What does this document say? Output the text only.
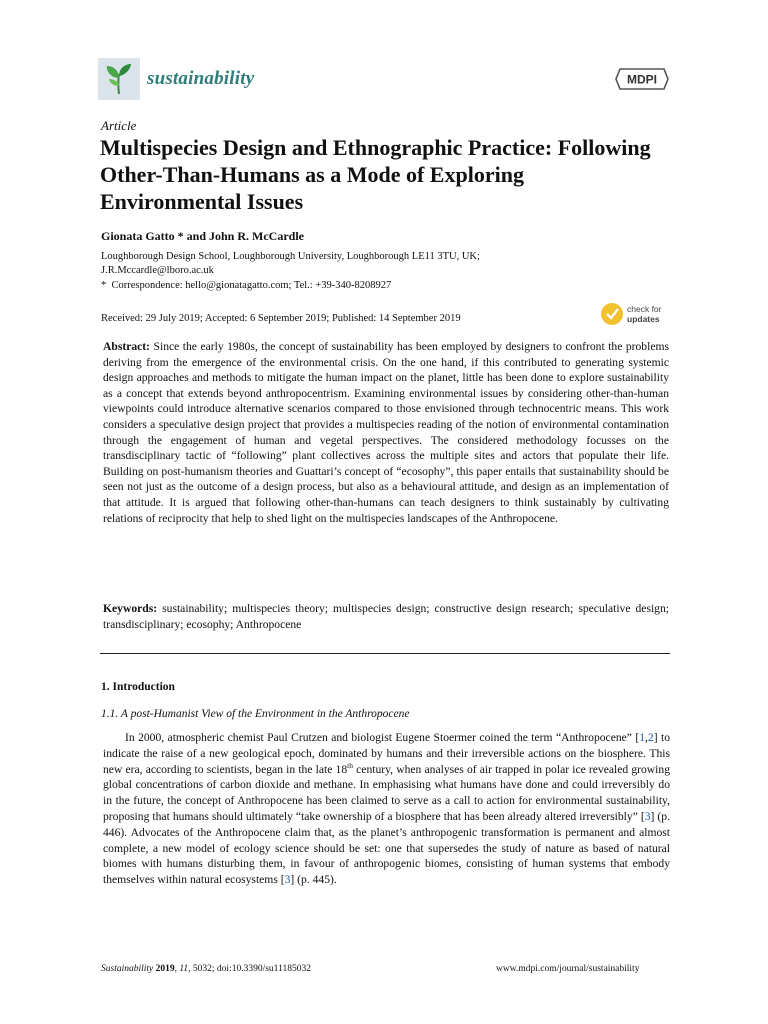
sustainability	MDPI
Article
Multispecies Design and Ethnographic Practice: Following Other-Than-Humans as a Mode of Exploring Environmental Issues
Gionata Gatto * and John R. McCardle
Loughborough Design School, Loughborough University, Loughborough LE11 3TU, UK;
J.R.Mccardle@lboro.ac.uk
* Correspondence: hello@gionatagatto.com; Tel.: +39-340-8208927
Received: 29 July 2019; Accepted: 6 September 2019; Published: 14 September 2019
check for
updates
Abstract: Since the early 1980s, the concept of sustainability has been employed by designers to confront the problems deriving from the emergence of the environmental crisis. On the one hand, if this contributed to generating systemic design approaches and methods to mitigate the human impact on the planet, little has been done to explore sustainability as a concept that extends beyond anthropocentrism. Examining environmental issues by considering other-than-human viewpoints could introduce alternative scenarios compared to those envisioned through technocentric means. This work considers a speculative design project that provides a multispecies reading of the notion of environmental contamination through the engagement of human and vegetal perspectives. The considered methodology focusses on the transdisciplinary tactic of “following” plant collectives across the multiple sites and actors that populate their life. Building on post-humanism theories and Guattari’s concept of “ecosophy”, this paper entails that sustainability should be seen not just as the outcome of a design process, but also as a behavioural attitude, and design as an implementation of that attitude. It is argued that following other-than-humans can teach designers to think sustainably by cultivating relations of reciprocity that help to shed light on the multispecies landscapes of the Anthropocene.
Keywords: sustainability; multispecies theory; multispecies design; constructive design research; speculative design; transdisciplinary; ecosophy; Anthropocene
1. Introduction
1.1. A post-Humanist View of the Environment in the Anthropocene
In 2000, atmospheric chemist Paul Crutzen and biologist Eugene Stoermer coined the term “Anthropocene” [1,2] to indicate the raise of a new geological epoch, dominated by humans and their irreversible actions on the biosphere. This new era, according to scientists, began in the late 18th century, when analyses of air trapped in polar ice revealed growing global concentrations of carbon dioxide and methane. In emphasising what humans have done and could irreversibly do in the future, the concept of Anthropocene has been claimed to serve as a call to action for environmental sustainability, proposing that humans should ultimately “take ownership of a biosphere that has been already altered irreversibly” [3] (p. 446). Advocates of the Anthropocene claim that, as the planet’s anthropogenic transformation is permanent and almost complete, a new model of ecology science should be set: one that supersedes the study of nature as based of natural biomes with humans disturbing them, in favour of anthropogenic biomes, consisting of human systems that embody themselves within natural ecosystems [3] (p. 445).
Sustainability 2019, 11, 5032; doi:10.3390/su11185032	www.mdpi.com/journal/sustainability
